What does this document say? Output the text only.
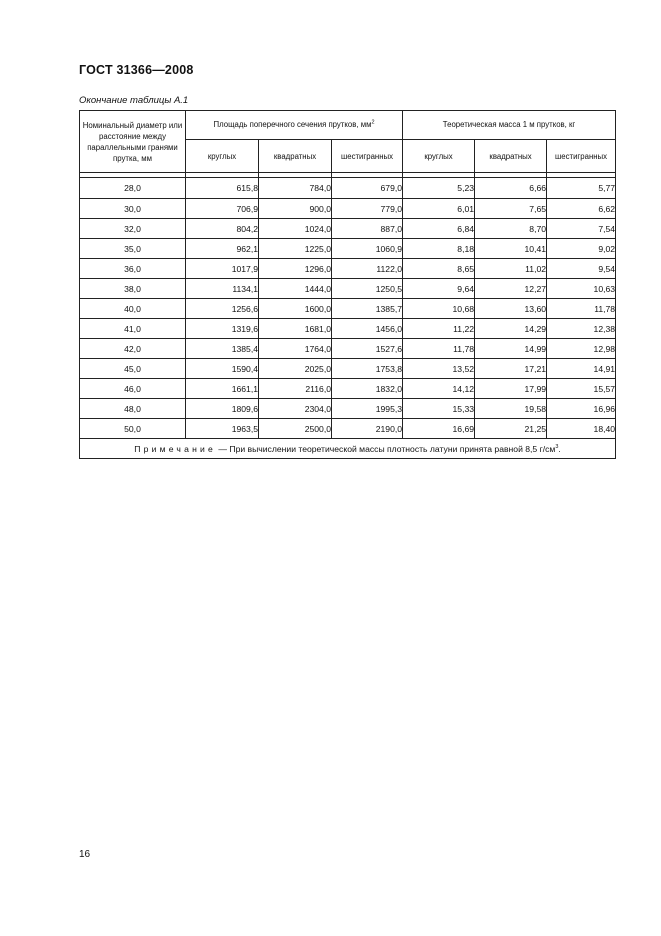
ГОСТ 31366—2008
Окончание таблицы А.1
Номинальный диаметр или расстояние между параллельными гранями прутка, мм	Площадь поперечного сечения прутков, $мм^2$			Теоретическая масса 1 м прутков, кг		
	круглых	квадратных	шестигранных	круглых	квадратных	шестигранных

28,0	615,8	784,0	679,0	5,23	6,66	5,77
30,0	706,9	900,0	779,0	6,01	7,65	6,62
32,0	804,2	1024,0	887,0	6,84	8,70	7,54
35,0	962,1	1225,0	1060,9	8,18	10,41	9,02
36,0	1017,9	1296,0	1122,0	8,65	11,02	9,54
38,0	1134,1	1444,0	1250,5	9,64	12,27	10,63
40,0	1256,6	1600,0	1385,7	10,68	13,60	11,78
41,0	1319,6	1681,0	1456,0	11,22	14,29	12,38
42,0	1385,4	1764,0	1527,6	11,78	14,99	12,98
45,0	1590,4	2025,0	1753,8	13,52	17,21	14,91
46,0	1661,1	2116,0	1832,0	14,12	17,99	15,57
48,0	1809,6	2304,0	1995,3	15,33	19,58	16,96
50,0	1963,5	2500,0	2190,0	16,69	21,25	18,40
Примечание — При вычислении теоретической массы плотность латуни принята равной 8,5 $г/см^3$.						
16
